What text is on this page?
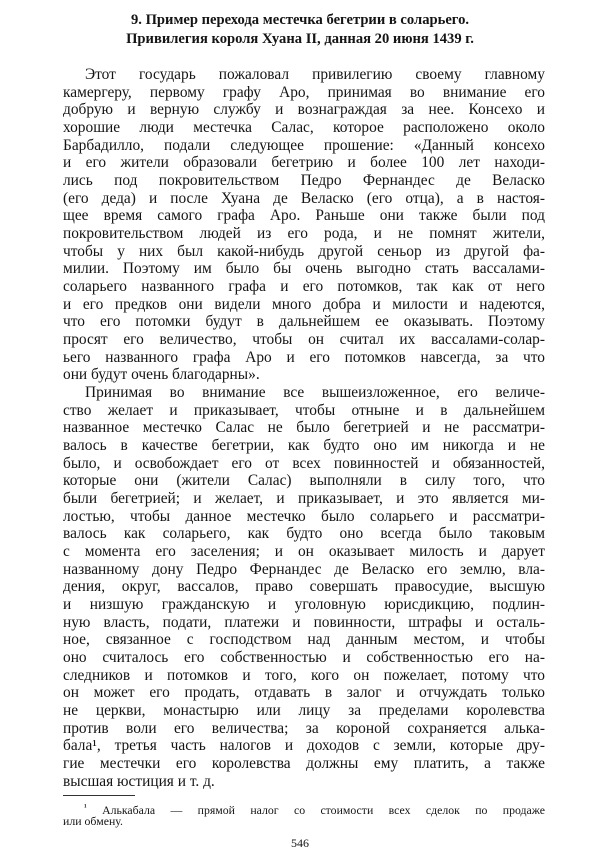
9. Пример перехода местечка бегетрии в соларьего.
Привилегия короля Хуана II, данная 20 июня 1439 г.
Этот государь пожаловал привилегию своему главному
камергеру, первому графу Аро, принимая во внимание его
добрую и верную службу и вознаграждая за нее. Консехо и
хорошие люди местечка Салас, которое расположено около
Барбадилло, подали следующее прошение: «Данный консехо
и его жители образовали бегетрию и более 100 лет находи-
лись под покровительством Педро Фернандес де Веласко
(его деда) и после Хуана де Веласко (его отца), а в настоя-
щее время самого графа Аро. Раньше они также были под
покровительством людей из его рода, и не помнят жители,
чтобы у них был какой-нибудь другой сеньор из другой фа-
милии. Поэтому им было бы очень выгодно стать вассалами-
соларьего названного графа и его потомков, так как от него
и его предков они видели много добра и милости и надеются,
что его потомки будут в дальнейшем ее оказывать. Поэтому
просят его величество, чтобы он считал их вассалами-солар-
ьего названного графа Аро и его потомков навсегда, за что
они будут очень благодарны».
Принимая во внимание все вышеизложенное, его величе-
ство желает и приказывает, чтобы отныне и в дальнейшем
названное местечко Салас не было бегетрией и не рассматри-
валось в качестве бегетрии, как будто оно им никогда и не
было, и освобождает его от всех повинностей и обязанностей,
которые они (жители Салас) выполняли в силу того, что
были бегетрией; и желает, и приказывает, и это является ми-
лостью, чтобы данное местечко было соларьего и рассматри-
валось как соларьего, как будто оно всегда было таковым
с момента его заселения; и он оказывает милость и дарует
названному дону Педро Фернандес де Веласко его землю, вла-
дения, округ, вассалов, право совершать правосудие, высшую
и низшую гражданскую и уголовную юрисдикцию, подлин-
ную власть, подати, платежи и повинности, штрафы и осталь-
ное, связанное с господством над данным местом, и чтобы
оно считалось его собственностью и собственностью его на-
следников и потомков и того, кого он пожелает, потому что
он может его продать, отдавать в залог и отчуждать только
не церкви, монастырю или лицу за пределами королевства
против воли его величества; за короной сохраняется алька-
бала¹, третья часть налогов и доходов с земли, которые дру-
гие местечки его королевства должны ему платить, а также
высшая юстиция и т. д.
$^{^1}$ Алькабала — прямой налог со стоимости всех сделок по продаже
или обмену.
546
